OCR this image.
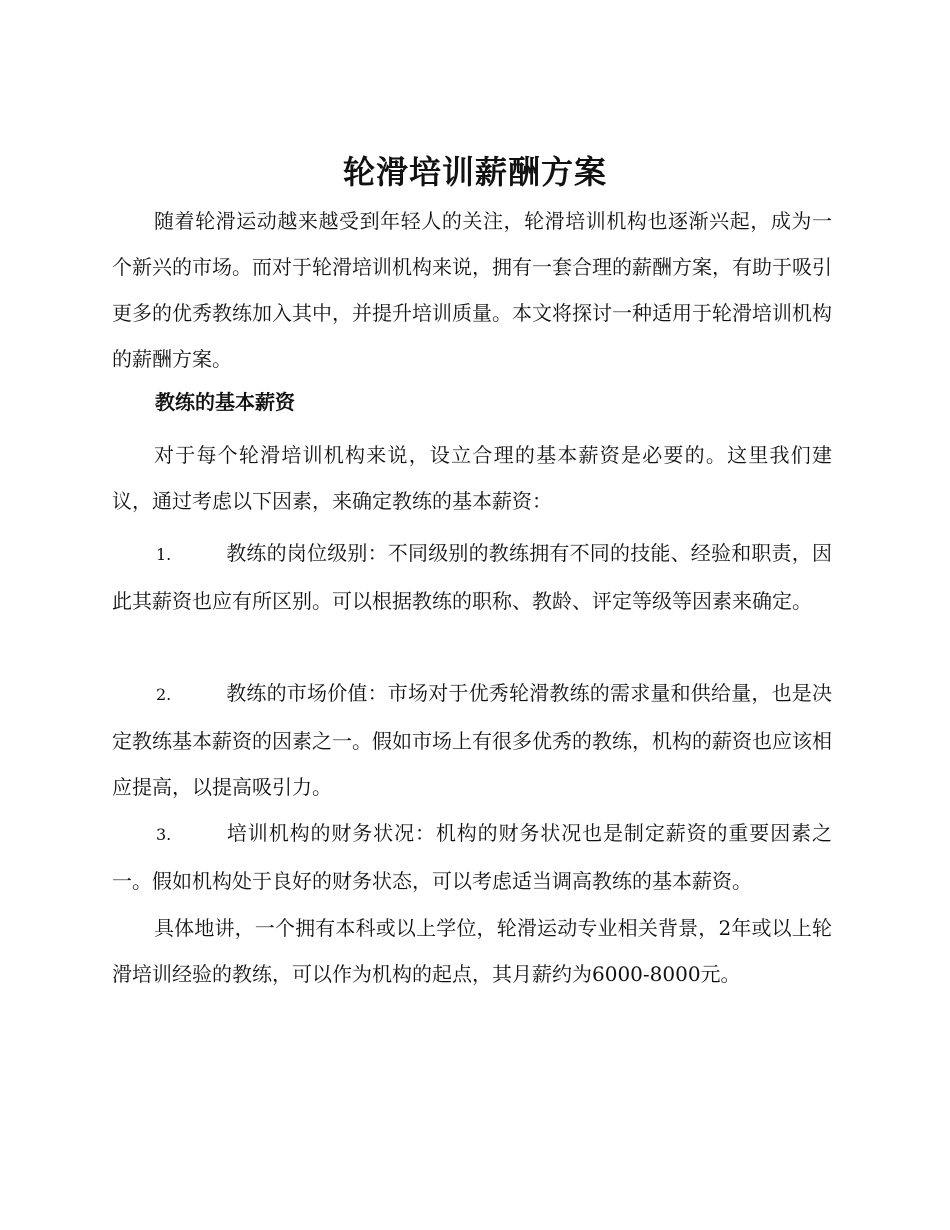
轮滑培训薪酬方案

随着轮滑运动越来越受到年轻人的关注，轮滑培训机构也逐渐兴起，成为一个新兴的市场。而对于轮滑培训机构来说，拥有一套合理的薪酬方案，有助于吸引更多的优秀教练加入其中，并提升培训质量。本文将探讨一种适用于轮滑培训机构的薪酬方案。

教练的基本薪资

对于每个轮滑培训机构来说，设立合理的基本薪资是必要的。这里我们建议，通过考虑以下因素，来确定教练的基本薪资：

1.	教练的岗位级别：不同级别的教练拥有不同的技能、经验和职责，因此其薪资也应有所区别。可以根据教练的职称、教龄、评定等级等因素来确定。

2.	教练的市场价值：市场对于优秀轮滑教练的需求量和供给量，也是决定教练基本薪资的因素之一。假如市场上有很多优秀的教练，机构的薪资也应该相应提高，以提高吸引力。

3.	培训机构的财务状况：机构的财务状况也是制定薪资的重要因素之一。假如机构处于良好的财务状态，可以考虑适当调高教练的基本薪资。

具体地讲，一个拥有本科或以上学位，轮滑运动专业相关背景，2年或以上轮滑培训经验的教练，可以作为机构的起点，其月薪约为6000-8000元。
